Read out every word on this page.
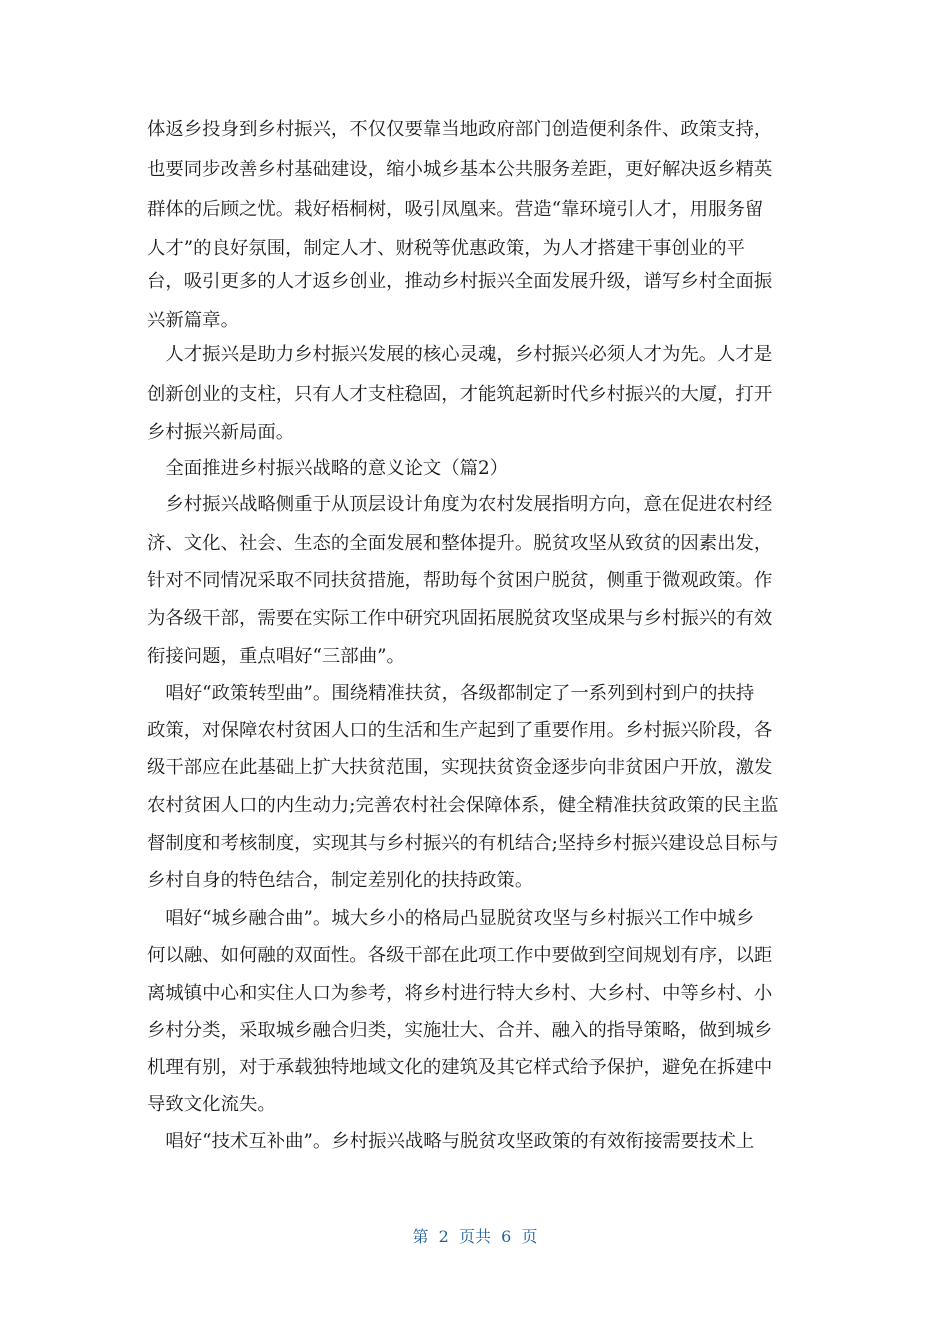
体返乡投身到乡村振兴，不仅仅要靠当地政府部门创造便利条件、政策支持，
也要同步改善乡村基础建设，缩小城乡基本公共服务差距，更好解决返乡精英
群体的后顾之忧。栽好梧桐树，吸引凤凰来。营造“靠环境引人才，用服务留
人才”的良好氛围，制定人才、财税等优惠政策，为人才搭建干事创业的平
台，吸引更多的人才返乡创业，推动乡村振兴全面发展升级，谱写乡村全面振
兴新篇章。
　人才振兴是助力乡村振兴发展的核心灵魂，乡村振兴必须人才为先。人才是
创新创业的支柱，只有人才支柱稳固，才能筑起新时代乡村振兴的大厦，打开
乡村振兴新局面。
　全面推进乡村振兴战略的意义论文（篇2）
　乡村振兴战略侧重于从顶层设计角度为农村发展指明方向，意在促进农村经
济、文化、社会、生态的全面发展和整体提升。脱贫攻坚从致贫的因素出发，
针对不同情况采取不同扶贫措施，帮助每个贫困户脱贫，侧重于微观政策。作
为各级干部，需要在实际工作中研究巩固拓展脱贫攻坚成果与乡村振兴的有效
衔接问题，重点唱好“三部曲”。
　唱好“政策转型曲”。围绕精准扶贫，各级都制定了一系列到村到户的扶持
政策，对保障农村贫困人口的生活和生产起到了重要作用。乡村振兴阶段，各
级干部应在此基础上扩大扶贫范围，实现扶贫资金逐步向非贫困户开放，激发
农村贫困人口的内生动力;完善农村社会保障体系，健全精准扶贫政策的民主监
督制度和考核制度，实现其与乡村振兴的有机结合;坚持乡村振兴建设总目标与
乡村自身的特色结合，制定差别化的扶持政策。
　唱好“城乡融合曲”。城大乡小的格局凸显脱贫攻坚与乡村振兴工作中城乡
何以融、如何融的双面性。各级干部在此项工作中要做到空间规划有序，以距
离城镇中心和实住人口为参考，将乡村进行特大乡村、大乡村、中等乡村、小
乡村分类，采取城乡融合归类，实施壮大、合并、融入的指导策略，做到城乡
机理有别，对于承载独特地域文化的建筑及其它样式给予保护，避免在拆建中
导致文化流失。
　唱好“技术互补曲”。乡村振兴战略与脱贫攻坚政策的有效衔接需要技术上
第  2  页共  6  页
